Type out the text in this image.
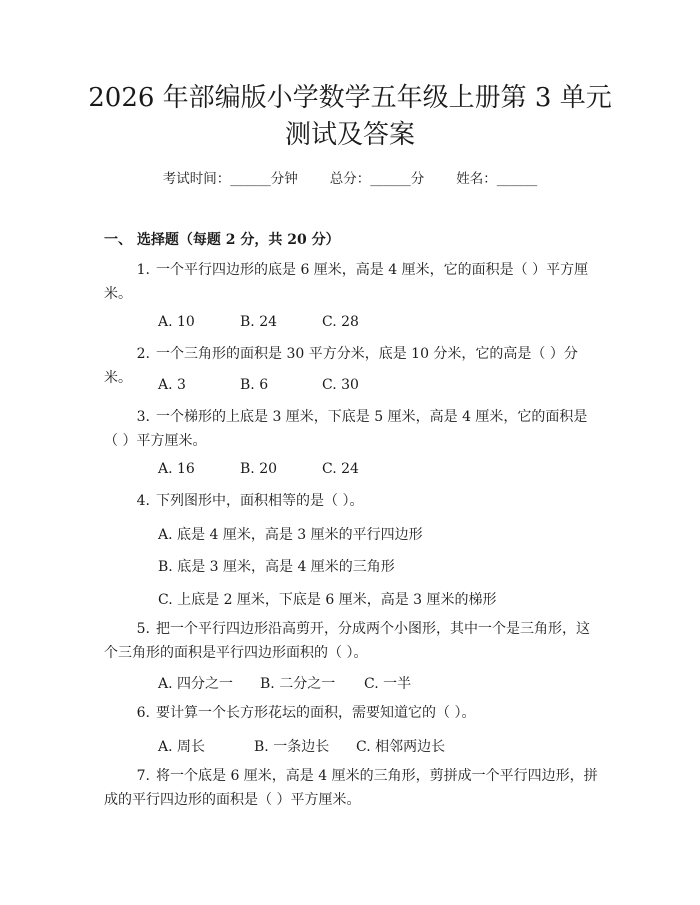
2026 年部编版小学数学五年级上册第 3 单元
测试及答案
考试时间：______分钟 总分：______分 姓名：______
一、 选择题（每题 2 分，共 20 分）
1. 一个平行四边形的底是 6 厘米，高是 4 厘米，它的面积是（ ）平方厘米。
A. 10	B. 24	C. 28
2. 一个三角形的面积是 30 平方分米，底是 10 分米，它的高是（ ）分米。	A. 3	B. 6	C. 30
3. 一个梯形的上底是 3 厘米，下底是 5 厘米，高是 4 厘米，它的面积是（ ）平方厘米。
A. 16	B. 20	C. 24
4. 下列图形中，面积相等的是（ ）。
A. 底是 4 厘米，高是 3 厘米的平行四边形
B. 底是 3 厘米，高是 4 厘米的三角形
C. 上底是 2 厘米，下底是 6 厘米，高是 3 厘米的梯形
5. 把一个平行四边形沿高剪开，分成两个小图形，其中一个是三角形，这个三角形的面积是平行四边形面积的（ ）。
A. 四分之一 B. 二分之一 C. 一半
6. 要计算一个长方形花坛的面积，需要知道它的（ ）。
A. 周长	B. 一条边长 C. 相邻两边长
7. 将一个底是 6 厘米，高是 4 厘米的三角形，剪拼成一个平行四边形，拼成的平行四边形的面积是（ ）平方厘米。
